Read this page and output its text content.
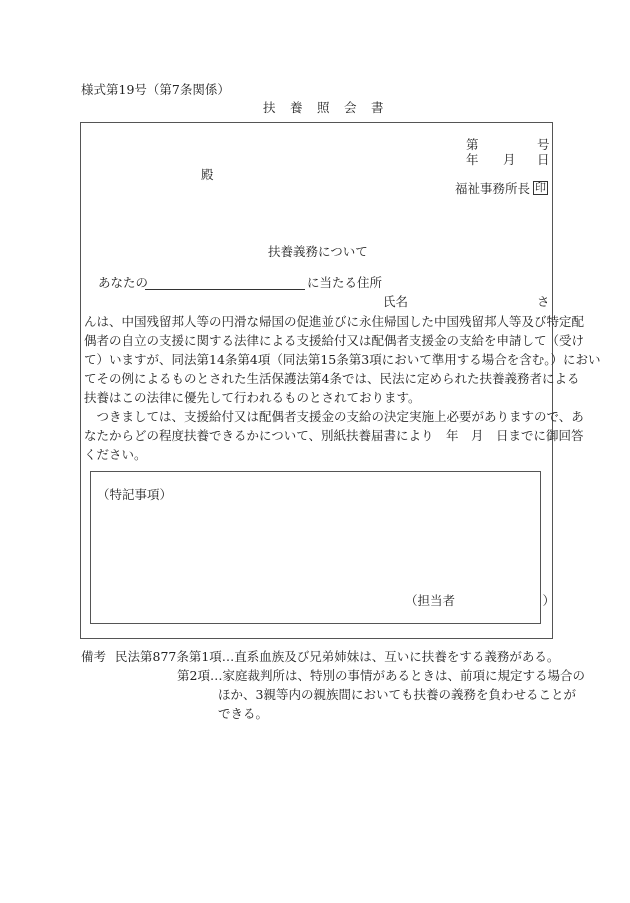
様式第19号（第7条関係）
扶　養　照　会　書
第	号
年 月 日
殿
福祉事務所長 印
扶養義務について
あなたの	に当たる住所
氏名	さ
んは、中国残留邦人等の円滑な帰国の促進並びに永住帰国した中国残留邦人等及び特定配
偶者の自立の支援に関する法律による支援給付又は配偶者支援金の支給を申請して（受け
て）いますが、同法第14条第4項（同法第15条第3項において準用する場合を含む。）におい
てその例によるものとされた生活保護法第4条では、民法に定められた扶養義務者による
扶養はこの法律に優先して行われるものとされております。
　つきましては、支援給付又は配偶者支援金の支給の決定実施上必要がありますので、あ
なたからどの程度扶養できるかについて、別紙扶養届書により　年　月　日までに御回答
ください。
（特記事項）
（担当者　　　　　　　）
備考 民法第877条第1項…直系血族及び兄弟姉妹は、互いに扶養をする義務がある。
第2項…家庭裁判所は、特別の事情があるときは、前項に規定する場合の
ほか、3親等内の親族間においても扶養の義務を負わせることが
できる。
